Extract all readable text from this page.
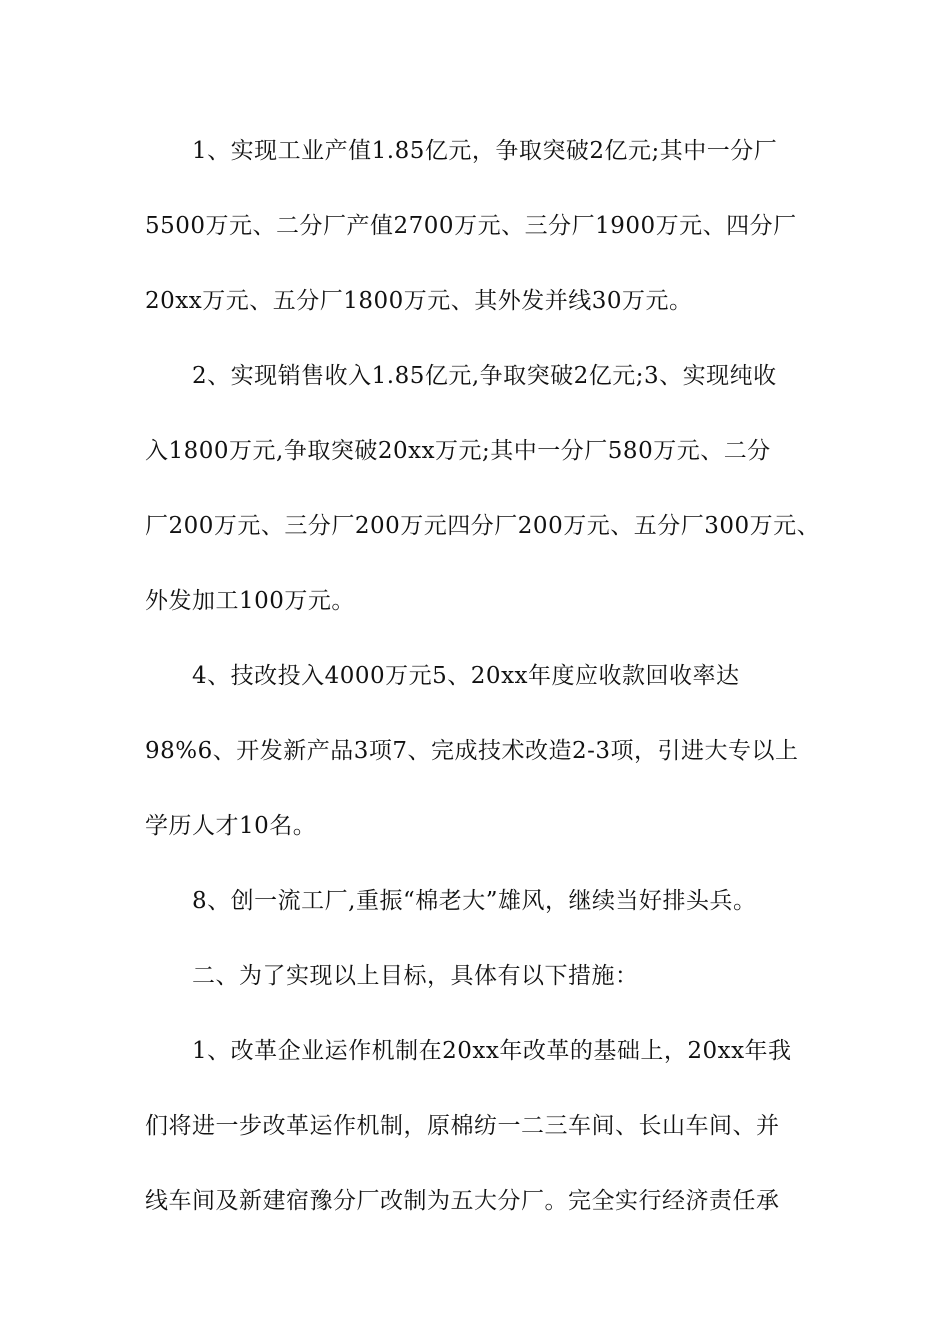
1、实现工业产值1.85亿元，争取突破2亿元;其中一分厂
5500万元、二分厂产值2700万元、三分厂1900万元、四分厂
20xx万元、五分厂1800万元、其外发并线30万元。
2、实现销售收入1.85亿元,争取突破2亿元;3、实现纯收
入1800万元,争取突破20xx万元;其中一分厂580万元、二分
厂200万元、三分厂200万元四分厂200万元、五分厂300万元、
外发加工100万元。
4、技改投入4000万元5、20xx年度应收款回收率达
98%6、开发新产品3项7、完成技术改造2-3项，引进大专以上
学历人才10名。
8、创一流工厂,重振“棉老大”雄风，继续当好排头兵。
二、为了实现以上目标，具体有以下措施：
1、改革企业运作机制在20xx年改革的基础上，20xx年我
们将进一步改革运作机制，原棉纺一二三车间、长山车间、并
线车间及新建宿豫分厂改制为五大分厂。完全实行经济责任承
